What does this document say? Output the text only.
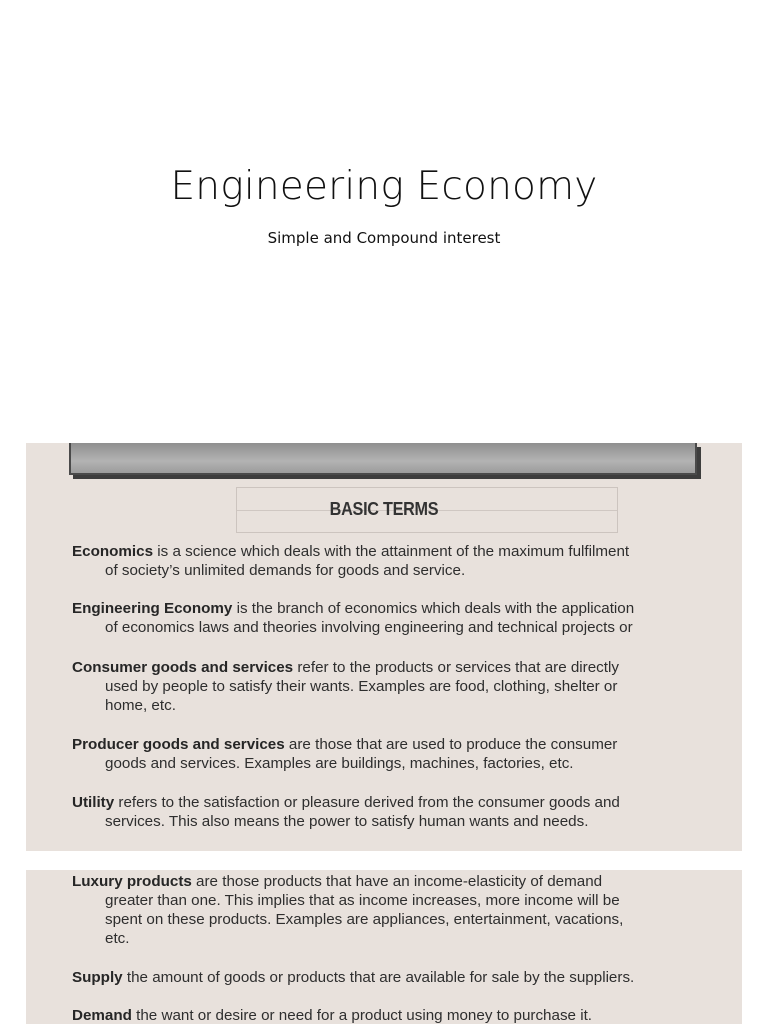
Engineering Economy

Simple and Compound interest

BASIC TERMS
Economics is a science which deals with the attainment of the maximum fulfilment
of society’s unlimited demands for goods and service.
Engineering Economy is the branch of economics which deals with the application
of economics laws and theories involving engineering and technical projects or
Consumer goods and services refer to the products or services that are directly
used by people to satisfy their wants. Examples are food, clothing, shelter or
home, etc.
Producer goods and services are those that are used to produce the consumer
goods and services. Examples are buildings, machines, factories, etc.
Utility refers to the satisfaction or pleasure derived from the consumer goods and
services. This also means the power to satisfy human wants and needs.
Luxury products are those products that have an income-elasticity of demand
greater than one. This implies that as income increases, more income will be
spent on these products. Examples are appliances, entertainment, vacations,
etc.
Supply the amount of goods or products that are available for sale by the suppliers.
Demand the want or desire or need for a product using money to purchase it.
